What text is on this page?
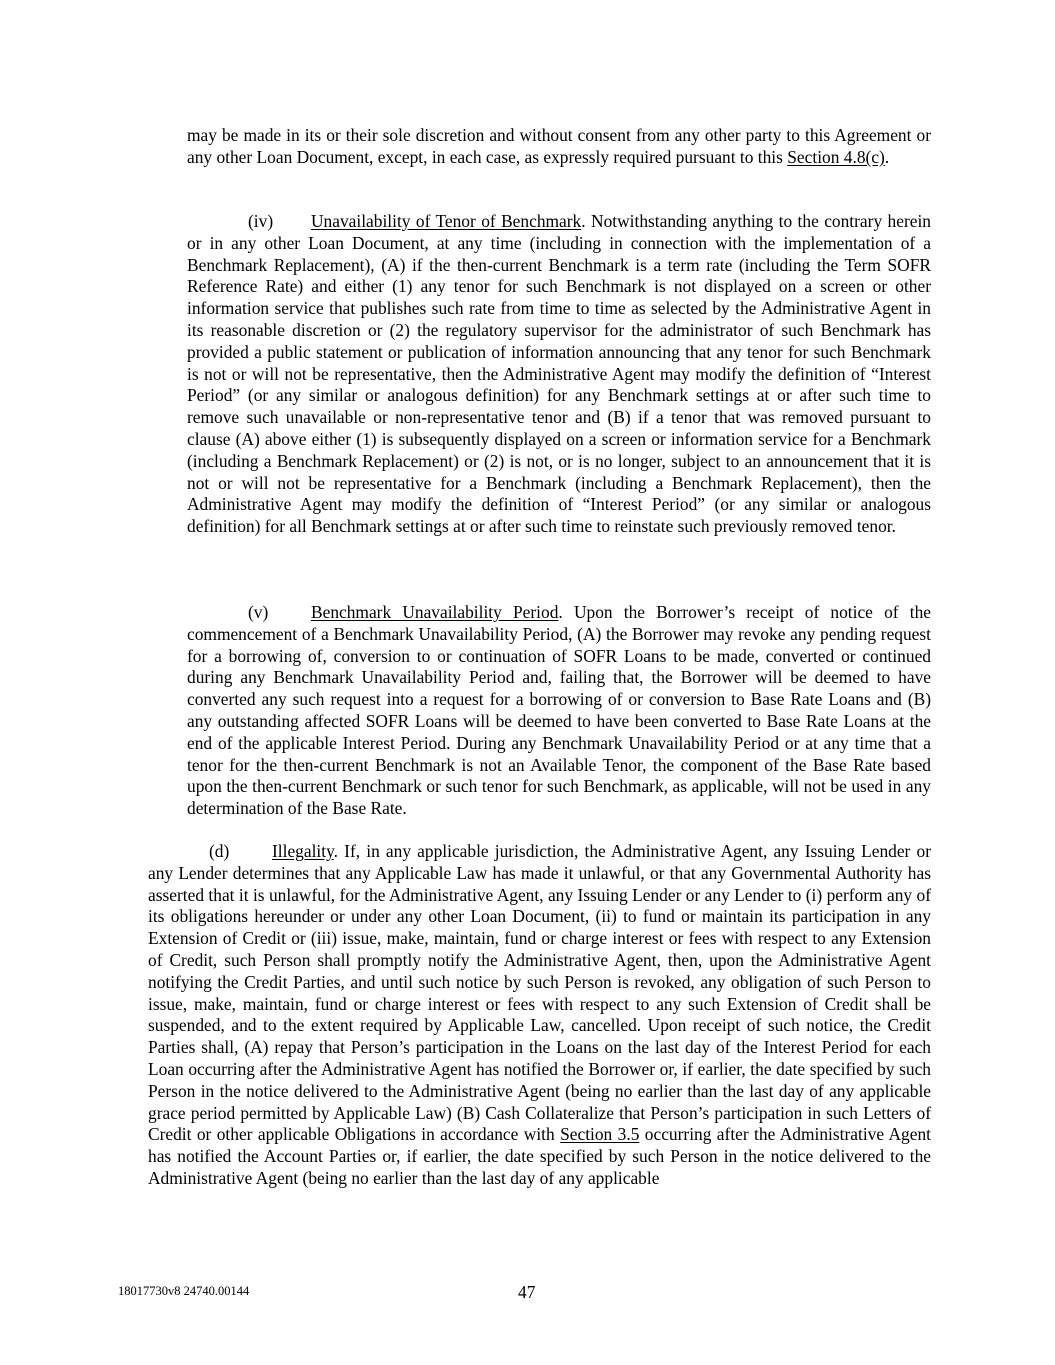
may be made in its or their sole discretion and without consent from any other party to this Agreement or any other Loan Document, except, in each case, as expressly required pursuant to this Section 4.8(c).

(iv) Unavailability of Tenor of Benchmark. Notwithstanding anything to the contrary herein or in any other Loan Document, at any time (including in connection with the implementation of a Benchmark Replacement), (A) if the then-current Benchmark is a term rate (including the Term SOFR Reference Rate) and either (1) any tenor for such Benchmark is not displayed on a screen or other information service that publishes such rate from time to time as selected by the Administrative Agent in its reasonable discretion or (2) the regulatory supervisor for the administrator of such Benchmark has provided a public statement or publication of information announcing that any tenor for such Benchmark is not or will not be representative, then the Administrative Agent may modify the definition of “Interest Period” (or any similar or analogous definition) for any Benchmark settings at or after such time to remove such unavailable or non-representative tenor and (B) if a tenor that was removed pursuant to clause (A) above either (1) is subsequently displayed on a screen or information service for a Benchmark (including a Benchmark Replacement) or (2) is not, or is no longer, subject to an announcement that it is not or will not be representative for a Benchmark (including a Benchmark Replacement), then the Administrative Agent may modify the definition of “Interest Period” (or any similar or analogous definition) for all Benchmark settings at or after such time to reinstate such previously removed tenor.

(v) Benchmark Unavailability Period. Upon the Borrower’s receipt of notice of the commencement of a Benchmark Unavailability Period, (A) the Borrower may revoke any pending request for a borrowing of, conversion to or continuation of SOFR Loans to be made, converted or continued during any Benchmark Unavailability Period and, failing that, the Borrower will be deemed to have converted any such request into a request for a borrowing of or conversion to Base Rate Loans and (B) any outstanding affected SOFR Loans will be deemed to have been converted to Base Rate Loans at the end of the applicable Interest Period. During any Benchmark Unavailability Period or at any time that a tenor for the then-current Benchmark is not an Available Tenor, the component of the Base Rate based upon the then-current Benchmark or such tenor for such Benchmark, as applicable, will not be used in any determination of the Base Rate.

(d) Illegality. If, in any applicable jurisdiction, the Administrative Agent, any Issuing Lender or any Lender determines that any Applicable Law has made it unlawful, or that any Governmental Authority has asserted that it is unlawful, for the Administrative Agent, any Issuing Lender or any Lender to (i) perform any of its obligations hereunder or under any other Loan Document, (ii) to fund or maintain its participation in any Extension of Credit or (iii) issue, make, maintain, fund or charge interest or fees with respect to any Extension of Credit, such Person shall promptly notify the Administrative Agent, then, upon the Administrative Agent notifying the Credit Parties, and until such notice by such Person is revoked, any obligation of such Person to issue, make, maintain, fund or charge interest or fees with respect to any such Extension of Credit shall be suspended, and to the extent required by Applicable Law, cancelled. Upon receipt of such notice, the Credit Parties shall, (A) repay that Person’s participation in the Loans on the last day of the Interest Period for each Loan occurring after the Administrative Agent has notified the Borrower or, if earlier, the date specified by such Person in the notice delivered to the Administrative Agent (being no earlier than the last day of any applicable grace period permitted by Applicable Law) (B) Cash Collateralize that Person’s participation in such Letters of Credit or other applicable Obligations in accordance with Section 3.5 occurring after the Administrative Agent has notified the Account Parties or, if earlier, the date specified by such Person in the notice delivered to the Administrative Agent (being no earlier than the last day of any applicable

18017730v8 24740.00144	47
